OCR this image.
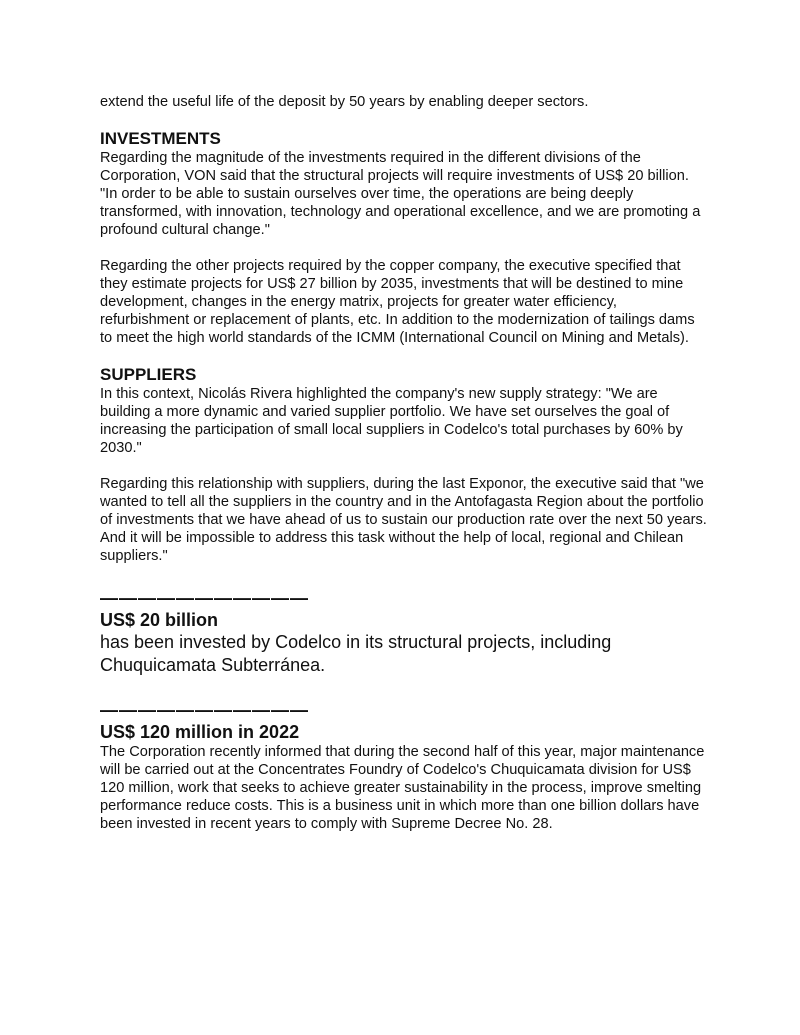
extend the useful life of the deposit by 50 years by enabling deeper sectors.

INVESTMENTS

Regarding the magnitude of the investments required in the different divisions of the Corporation, VON said that the structural projects will require investments of US$ 20 billion. "In order to be able to sustain ourselves over time, the operations are being deeply transformed, with innovation, technology and operational excellence, and we are promoting a profound cultural change."

Regarding the other projects required by the copper company, the executive specified that they estimate projects for US$ 27 billion by 2035, investments that will be destined to mine development, changes in the energy matrix, projects for greater water efficiency, refurbishment or replacement of plants, etc. In addition to the modernization of tailings dams to meet the high world standards of the ICMM (International Council on Mining and Metals).

SUPPLIERS

In this context, Nicolás Rivera highlighted the company's new supply strategy: "We are building a more dynamic and varied supplier portfolio. We have set ourselves the goal of increasing the participation of small local suppliers in Codelco's total purchases by 60% by 2030."

Regarding this relationship with suppliers, during the last Exponor, the executive said that "we wanted to tell all the suppliers in the country and in the Antofagasta Region about the portfolio of investments that we have ahead of us to sustain our production rate over the next 50 years. And it will be impossible to address this task without the help of local, regional and Chilean suppliers."

———————————

US$ 20 billion

has been invested by Codelco in its structural projects, including Chuquicamata Subterránea.

———————————

US$ 120 million in 2022

The Corporation recently informed that during the second half of this year, major maintenance will be carried out at the Concentrates Foundry of Codelco's Chuquicamata division for US$ 120 million, work that seeks to achieve greater sustainability in the process, improve smelting performance reduce costs. This is a business unit in which more than one billion dollars have been invested in recent years to comply with Supreme Decree No. 28.
